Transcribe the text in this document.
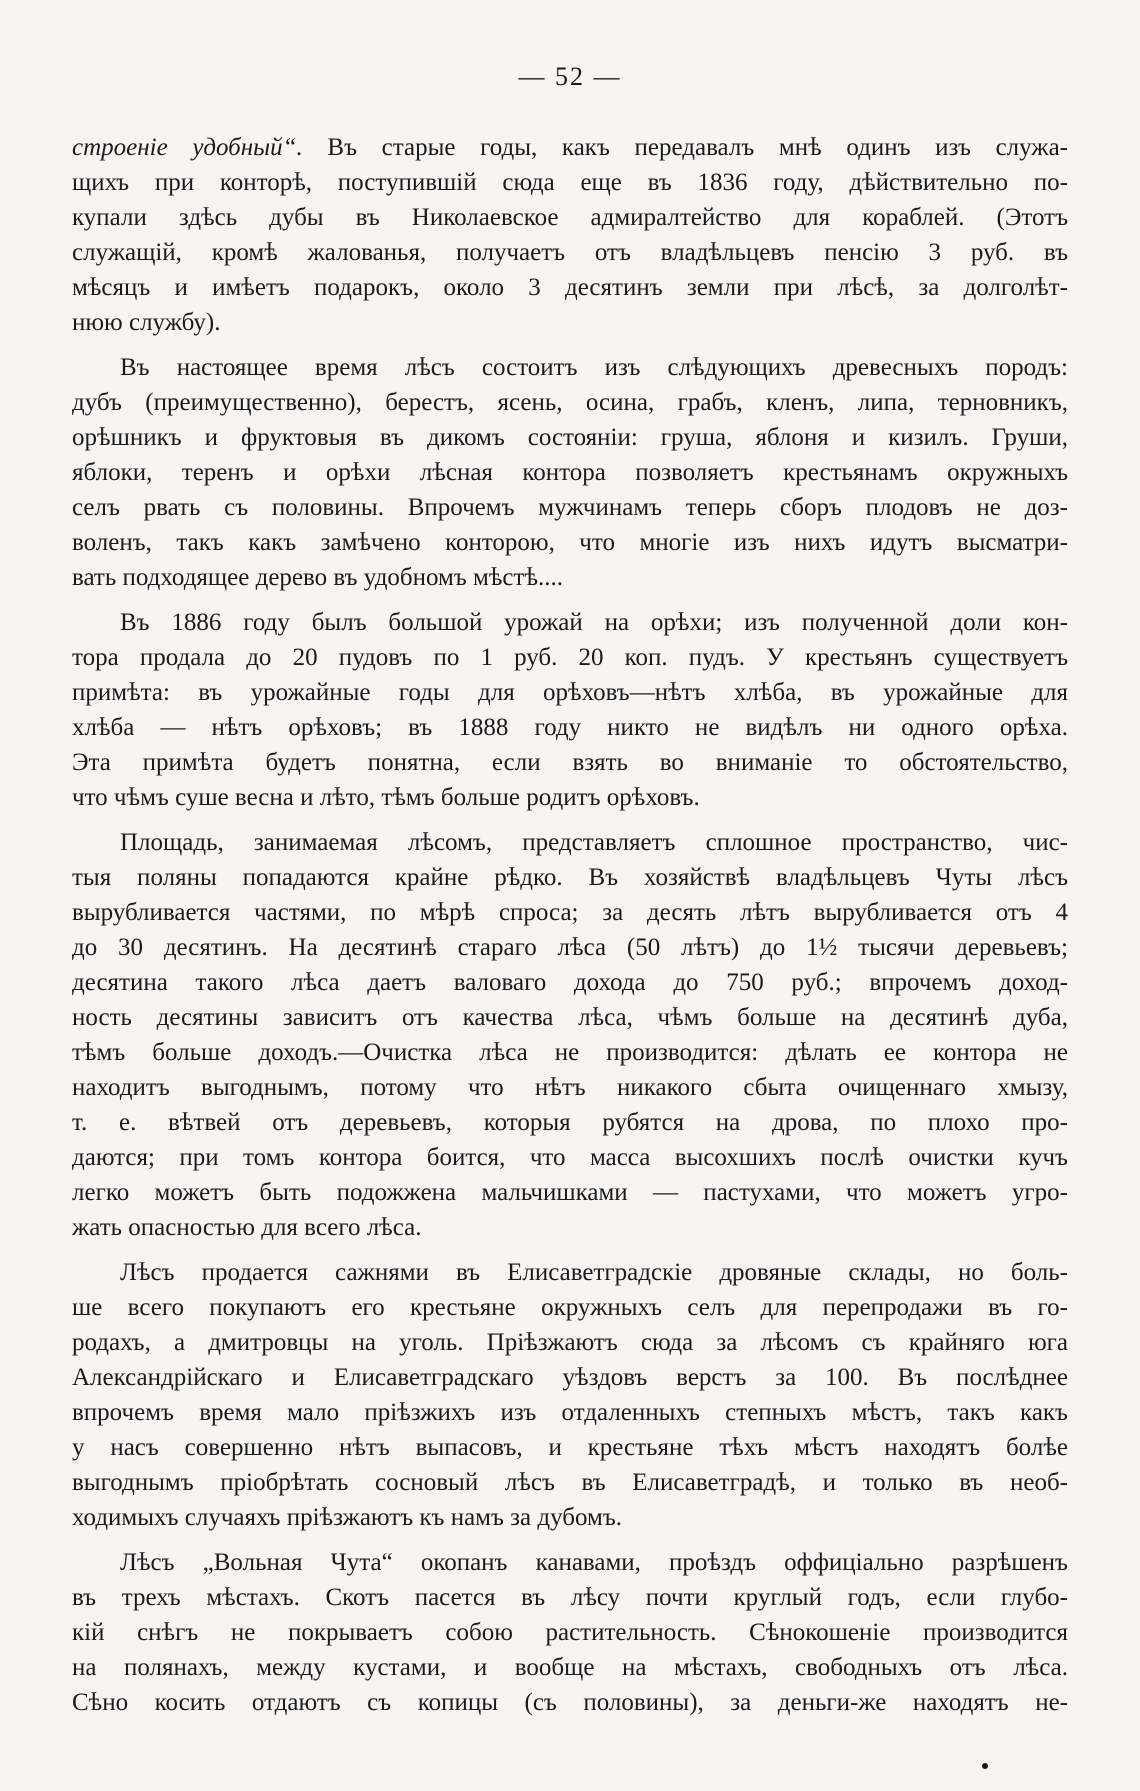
— 52 —
строеніе удобный“. Въ старые годы, какъ передавалъ мнѣ одинъ изъ служа-
щихъ при конторѣ, поступившій сюда еще въ 1836 году, дѣйствительно по-
купали здѣсь дубы въ Николаевское адмиралтейство для кораблей. (Этотъ
служащій, кромѣ жалованья, получаетъ отъ владѣльцевъ пенсію 3 руб. въ
мѣсяцъ и имѣетъ подарокъ, около 3 десятинъ земли при лѣсѣ, за долголѣт-
нюю службу).
Въ настоящее время лѣсъ состоитъ изъ слѣдующихъ древесныхъ породъ:
дубъ (преимущественно), берестъ, ясень, осина, грабъ, кленъ, липа, терновникъ,
орѣшникъ и фруктовыя въ дикомъ состояніи: груша, яблоня и кизилъ. Груши,
яблоки, теренъ и орѣхи лѣсная контора позволяетъ крестьянамъ окружныхъ
селъ рвать съ половины. Впрочемъ мужчинамъ теперь сборъ плодовъ не доз-
воленъ, такъ какъ замѣчено конторою, что многіе изъ нихъ идутъ высматри-
вать подходящее дерево въ удобномъ мѣстѣ....
Въ 1886 году былъ большой урожай на орѣхи; изъ полученной доли кон-
тора продала до 20 пудовъ по 1 руб. 20 коп. пудъ. У крестьянъ существуетъ
примѣта: въ урожайные годы для орѣховъ—нѣтъ хлѣба, въ урожайные для
хлѣба — нѣтъ орѣховъ; въ 1888 году никто не видѣлъ ни одного орѣха.
Эта примѣта будетъ понятна, если взять во вниманіе то обстоятельство,
что чѣмъ суше весна и лѣто, тѣмъ больше родитъ орѣховъ.
Площадь, занимаемая лѣсомъ, представляетъ сплошное пространство, чис-
тыя поляны попадаются крайне рѣдко. Въ хозяйствѣ владѣльцевъ Чуты лѣсъ
вырубливается частями, по мѣрѣ спроса; за десять лѣтъ вырубливается отъ 4
до 30 десятинъ. На десятинѣ стараго лѣса (50 лѣтъ) до 1½ тысячи деревьевъ;
десятина такого лѣса даетъ валоваго дохода до 750 руб.; впрочемъ доход-
ность десятины зависитъ отъ качества лѣса, чѣмъ больше на десятинѣ дуба,
тѣмъ больше доходъ.—Очистка лѣса не производится: дѣлать ее контора не
находитъ выгоднымъ, потому что нѣтъ никакого сбыта очищеннаго хмызу,
т. е. вѣтвей отъ деревьевъ, которыя рубятся на дрова, по плохо про-
даются; при томъ контора боится, что масса высохшихъ послѣ очистки кучъ
легко можетъ быть подожжена мальчишками — пастухами, что можетъ угро-
жать опасностью для всего лѣса.
Лѣсъ продается сажнями въ Елисаветградскіе дровяные склады, но боль-
ше всего покупаютъ его крестьяне окружныхъ селъ для перепродажи въ го-
родахъ, а дмитровцы на уголь. Пріѣзжаютъ сюда за лѣсомъ съ крайняго юга
Александрійскаго и Елисаветградскаго уѣздовъ верстъ за 100. Въ послѣднее
впрочемъ время мало пріѣзжихъ изъ отдаленныхъ степныхъ мѣстъ, такъ какъ
у насъ совершенно нѣтъ выпасовъ, и крестьяне тѣхъ мѣстъ находятъ болѣе
выгоднымъ пріобрѣтать сосновый лѣсъ въ Елисаветградѣ, и только въ необ-
ходимыхъ случаяхъ пріѣзжаютъ къ намъ за дубомъ.
Лѣсъ „Вольная Чута“ окопанъ канавами, проѣздъ оффиціально разрѣшенъ
въ трехъ мѣстахъ. Скотъ пасется въ лѣсу почти круглый годъ, если глубо-
кій снѣгъ не покрываетъ собою растительность. Сѣнокошеніе производится
на полянахъ, между кустами, и вообще на мѣстахъ, свободныхъ отъ лѣса.
Сѣно косить отдаютъ съ копицы (съ половины), за деньги-же находятъ не-
